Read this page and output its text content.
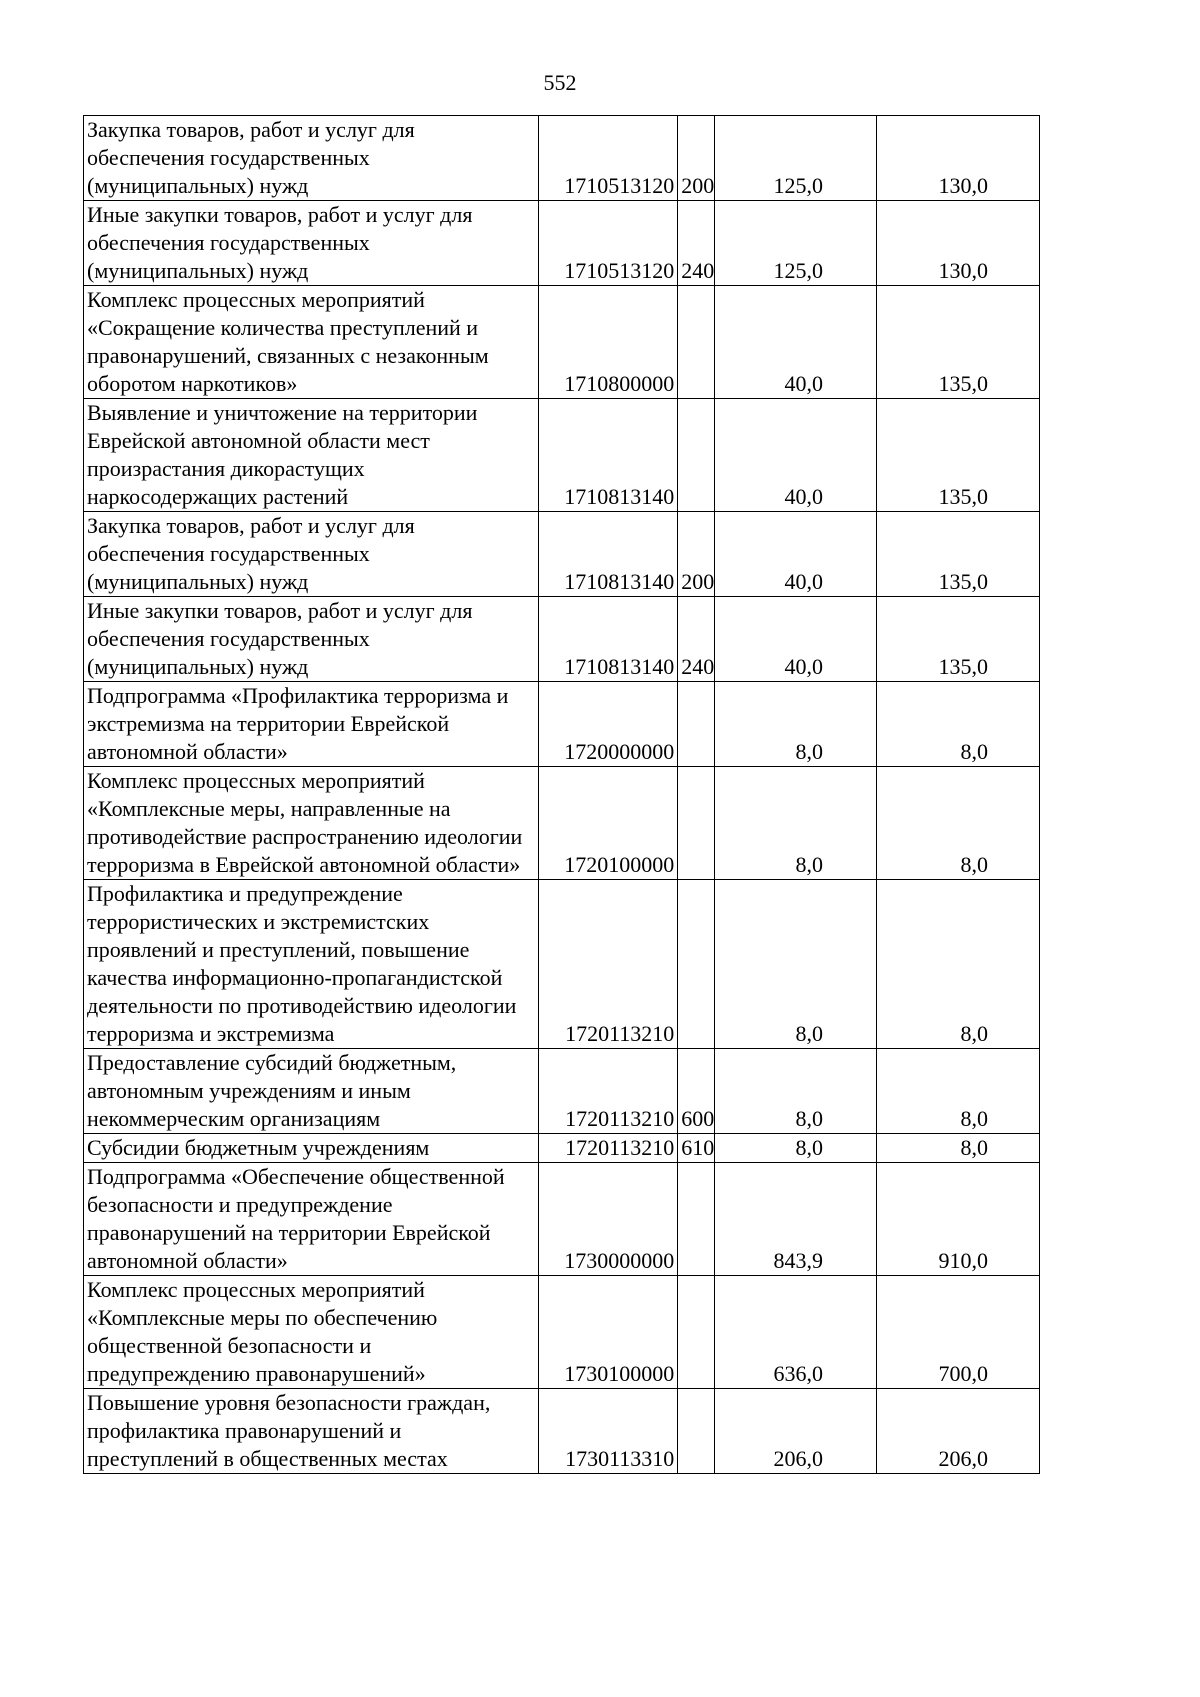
552
Закупка товаров, работ и услуг для обеспечения государственных (муниципальных) нужд	1710513120	200	125,0	130,0
Иные закупки товаров, работ и услуг для обеспечения государственных (муниципальных) нужд	1710513120	240	125,0	130,0
Комплекс процессных мероприятий «Сокращение количества преступлений и правонарушений, связанных с незаконным оборотом наркотиков»	1710800000		40,0	135,0
Выявление и уничтожение на территории Еврейской автономной области мест произрастания дикорастущих наркосодержащих растений	1710813140		40,0	135,0
Закупка товаров, работ и услуг для обеспечения государственных (муниципальных) нужд	1710813140	200	40,0	135,0
Иные закупки товаров, работ и услуг для обеспечения государственных (муниципальных) нужд	1710813140	240	40,0	135,0
Подпрограмма «Профилактика терроризма и экстремизма на территории Еврейской автономной области»	1720000000		8,0	8,0
Комплекс процессных мероприятий «Комплексные меры, направленные на противодействие распространению идеологии терроризма в Еврейской автономной области»	1720100000		8,0	8,0
Профилактика и предупреждение террористических и экстремистских проявлений и преступлений, повышение качества информационно-пропагандистской деятельности по противодействию идеологии терроризма и экстремизма	1720113210		8,0	8,0
Предоставление субсидий бюджетным, автономным учреждениям и иным некоммерческим организациям	1720113210	600	8,0	8,0
Субсидии бюджетным учреждениям	1720113210	610	8,0	8,0
Подпрограмма «Обеспечение общественной безопасности и предупреждение правонарушений на территории Еврейской автономной области»	1730000000		843,9	910,0
Комплекс процессных мероприятий «Комплексные меры по обеспечению общественной безопасности и предупреждению правонарушений»	1730100000		636,0	700,0
Повышение уровня безопасности граждан, профилактика правонарушений и преступлений в общественных местах	1730113310		206,0	206,0
